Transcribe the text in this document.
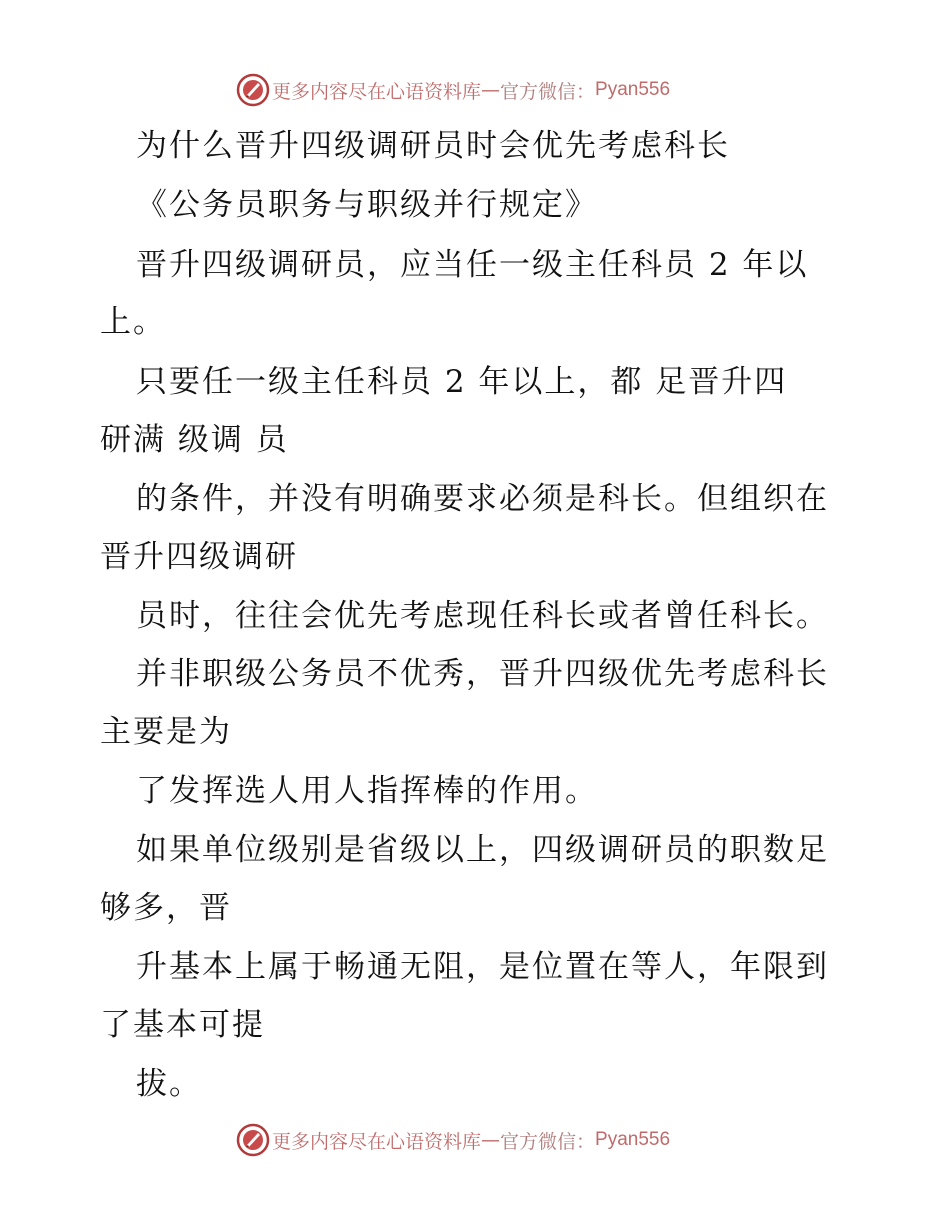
更多内容尽在心语资料库 — 官方微信： Pyan556
为什么晋升四级调研员时会优先考虑科长
《公务员职务与职级并行规定》
晋升四级调研员，应当任一级主任科员 2 年以
上。
只要任一级主任科员 2 年以上，都 足晋升四
研满 级调 员
的条件，并没有明确要求必须是科长。但组织在
晋升四级调研
员时，往往会优先考虑现任科长或者曾任科长。
并非职级公务员不优秀，晋升四级优先考虑科长
主要是为
了发挥选人用人指挥棒的作用。
如果单位级别是省级以上，四级调研员的职数足
够多，晋
升基本上属于畅通无阻，是位置在等人，年限到
了基本可提
拔。
更多内容尽在心语资料库 — 官方微信： Pyan556
